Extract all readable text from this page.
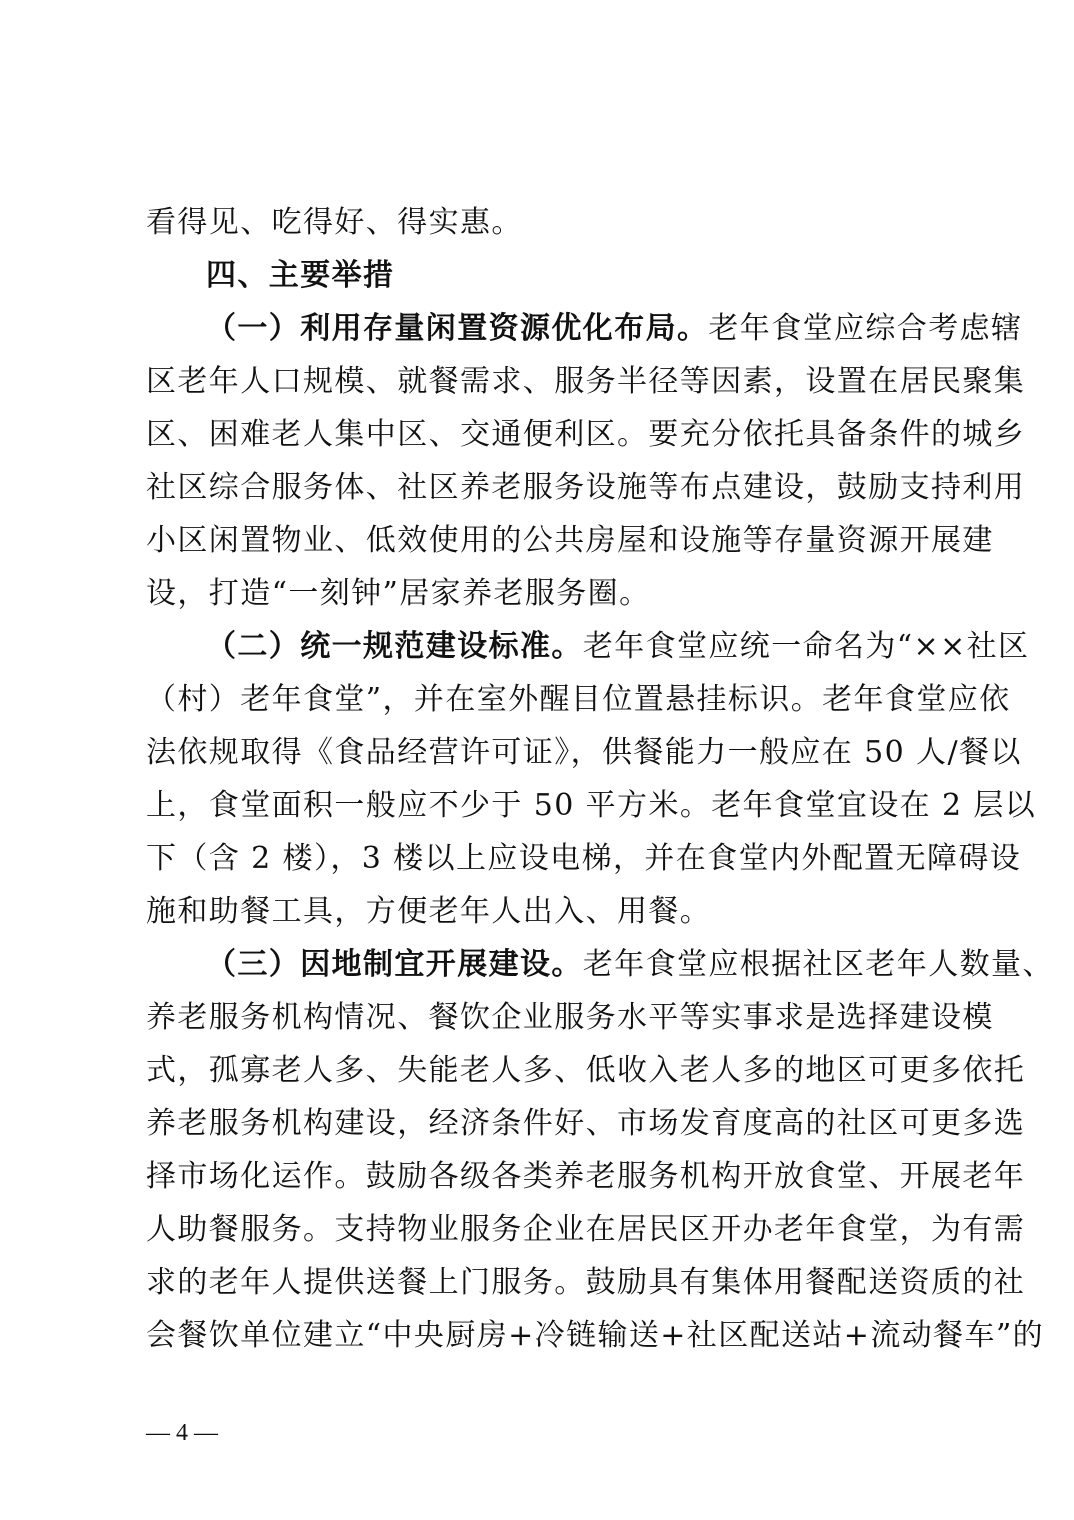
看得见、吃得好、得实惠。
四、主要举措
（一）利用存量闲置资源优化布局。老年食堂应综合考虑辖
区老年人口规模、就餐需求、服务半径等因素，设置在居民聚集
区、困难老人集中区、交通便利区。要充分依托具备条件的城乡
社区综合服务体、社区养老服务设施等布点建设，鼓励支持利用
小区闲置物业、低效使用的公共房屋和设施等存量资源开展建
设，打造“一刻钟”居家养老服务圈。
（二）统一规范建设标准。老年食堂应统一命名为“××社区
（村）老年食堂”，并在室外醒目位置悬挂标识。老年食堂应依
法依规取得《食品经营许可证》，供餐能力一般应在 50 人/餐以
上，食堂面积一般应不少于 50 平方米。老年食堂宜设在 2 层以
下（含 2 楼），3 楼以上应设电梯，并在食堂内外配置无障碍设
施和助餐工具，方便老年人出入、用餐。
（三）因地制宜开展建设。老年食堂应根据社区老年人数量、
养老服务机构情况、餐饮企业服务水平等实事求是选择建设模
式，孤寡老人多、失能老人多、低收入老人多的地区可更多依托
养老服务机构建设，经济条件好、市场发育度高的社区可更多选
择市场化运作。鼓励各级各类养老服务机构开放食堂、开展老年
人助餐服务。支持物业服务企业在居民区开办老年食堂，为有需
求的老年人提供送餐上门服务。鼓励具有集体用餐配送资质的社
会餐饮单位建立“中央厨房+冷链输送+社区配送站+流动餐车”的
— 4 —
